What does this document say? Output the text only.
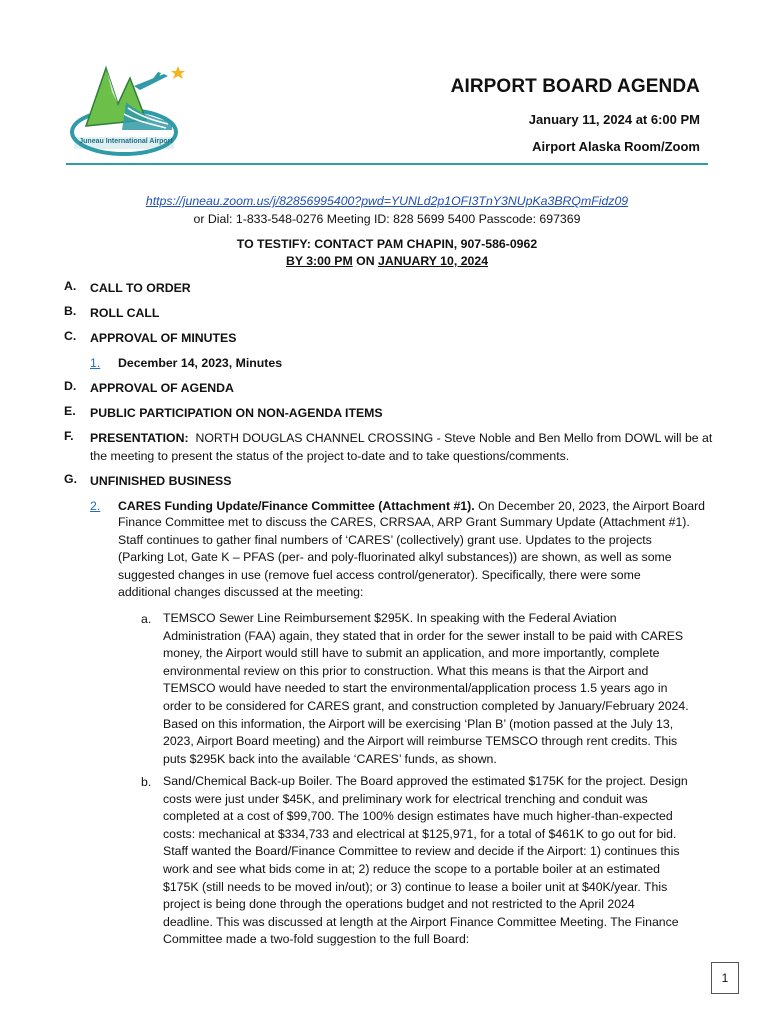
Juneau International Airport
AIRPORT BOARD AGENDA
January 11, 2024 at 6:00 PM
Airport Alaska Room/Zoom
https://juneau.zoom.us/j/82856995400?pwd=YUNLd2p1OFI3TnY3NUpKa3BRQmFidz09
or Dial: 1-833-548-0276 Meeting ID: 828 5699 5400 Passcode: 697369
TO TESTIFY: CONTACT PAM CHAPIN, 907-586-0962
BY 3:00 PM ON JANUARY 10, 2024
A. CALL TO ORDER
B. ROLL CALL
C. APPROVAL OF MINUTES
1. December 14, 2023, Minutes
D. APPROVAL OF AGENDA
E. PUBLIC PARTICIPATION ON NON-AGENDA ITEMS
F. PRESENTATION: NORTH DOUGLAS CHANNEL CROSSING - Steve Noble and Ben Mello from DOWL will be at
the meeting to present the status of the project to-date and to take questions/comments.
G. UNFINISHED BUSINESS
2. CARES Funding Update/Finance Committee (Attachment #1). On December 20, 2023, the Airport Board
Finance Committee met to discuss the CARES, CRRSAA, ARP Grant Summary Update (Attachment #1).
Staff continues to gather final numbers of ‘CARES’ (collectively) grant use. Updates to the projects
(Parking Lot, Gate K – PFAS (per- and poly-fluorinated alkyl substances)) are shown, as well as some
suggested changes in use (remove fuel access control/generator). Specifically, there were some
additional changes discussed at the meeting:
a. TEMSCO Sewer Line Reimbursement $295K. In speaking with the Federal Aviation
Administration (FAA) again, they stated that in order for the sewer install to be paid with CARES
money, the Airport would still have to submit an application, and more importantly, complete
environmental review on this prior to construction. What this means is that the Airport and
TEMSCO would have needed to start the environmental/application process 1.5 years ago in
order to be considered for CARES grant, and construction completed by January/February 2024.
Based on this information, the Airport will be exercising ‘Plan B’ (motion passed at the July 13,
2023, Airport Board meeting) and the Airport will reimburse TEMSCO through rent credits. This
puts $295K back into the available ‘CARES’ funds, as shown.
b. Sand/Chemical Back-up Boiler. The Board approved the estimated $175K for the project. Design
costs were just under $45K, and preliminary work for electrical trenching and conduit was
completed at a cost of $99,700. The 100% design estimates have much higher-than-expected
costs: mechanical at $334,733 and electrical at $125,971, for a total of $461K to go out for bid.
Staff wanted the Board/Finance Committee to review and decide if the Airport: 1) continues this
work and see what bids come in at; 2) reduce the scope to a portable boiler at an estimated
$175K (still needs to be moved in/out); or 3) continue to lease a boiler unit at $40K/year. This
project is being done through the operations budget and not restricted to the April 2024
deadline. This was discussed at length at the Airport Finance Committee Meeting. The Finance
Committee made a two-fold suggestion to the full Board:
1
